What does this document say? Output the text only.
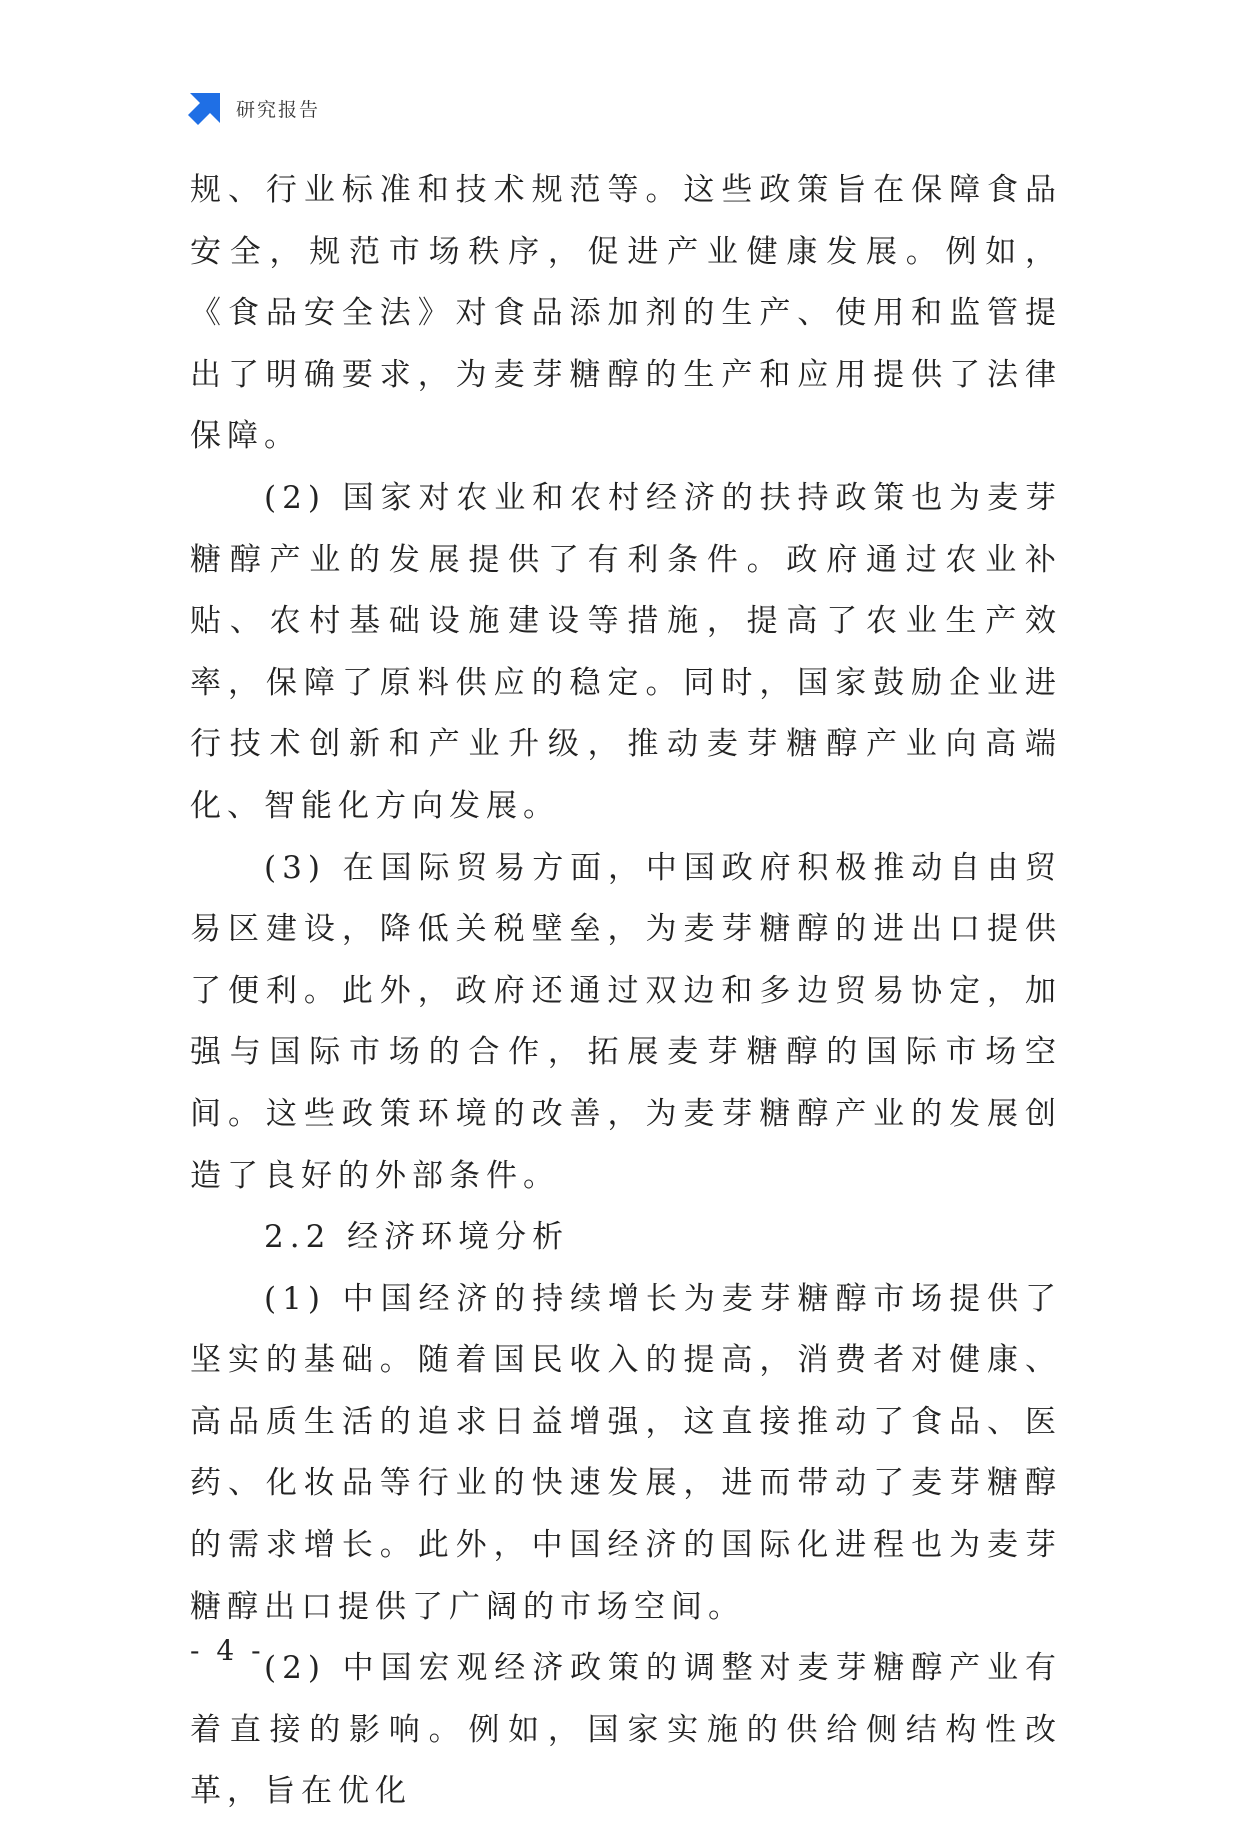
研究报告

规、行业标准和技术规范等。这些政策旨在保障食品安全，规范市场秩序，促进产业健康发展。例如，《食品安全法》对食品添加剂的生产、使用和监管提出了明确要求，为麦芽糖醇的生产和应用提供了法律保障。

(2) 国家对农业和农村经济的扶持政策也为麦芽糖醇产业的发展提供了有利条件。政府通过农业补贴、农村基础设施建设等措施，提高了农业生产效率，保障了原料供应的稳定。同时，国家鼓励企业进行技术创新和产业升级，推动麦芽糖醇产业向高端化、智能化方向发展。

(3) 在国际贸易方面，中国政府积极推动自由贸易区建设，降低关税壁垒，为麦芽糖醇的进出口提供了便利。此外，政府还通过双边和多边贸易协定，加强与国际市场的合作，拓展麦芽糖醇的国际市场空间。这些政策环境的改善，为麦芽糖醇产业的发展创造了良好的外部条件。

2.2 经济环境分析

(1) 中国经济的持续增长为麦芽糖醇市场提供了坚实的基础。随着国民收入的提高，消费者对健康、高品质生活的追求日益增强，这直接推动了食品、医药、化妆品等行业的快速发展，进而带动了麦芽糖醇的需求增长。此外，中国经济的国际化进程也为麦芽糖醇出口提供了广阔的市场空间。

(2) 中国宏观经济政策的调整对麦芽糖醇产业有着直接的影响。例如，国家实施的供给侧结构性改革，旨在优化

- 4 -
